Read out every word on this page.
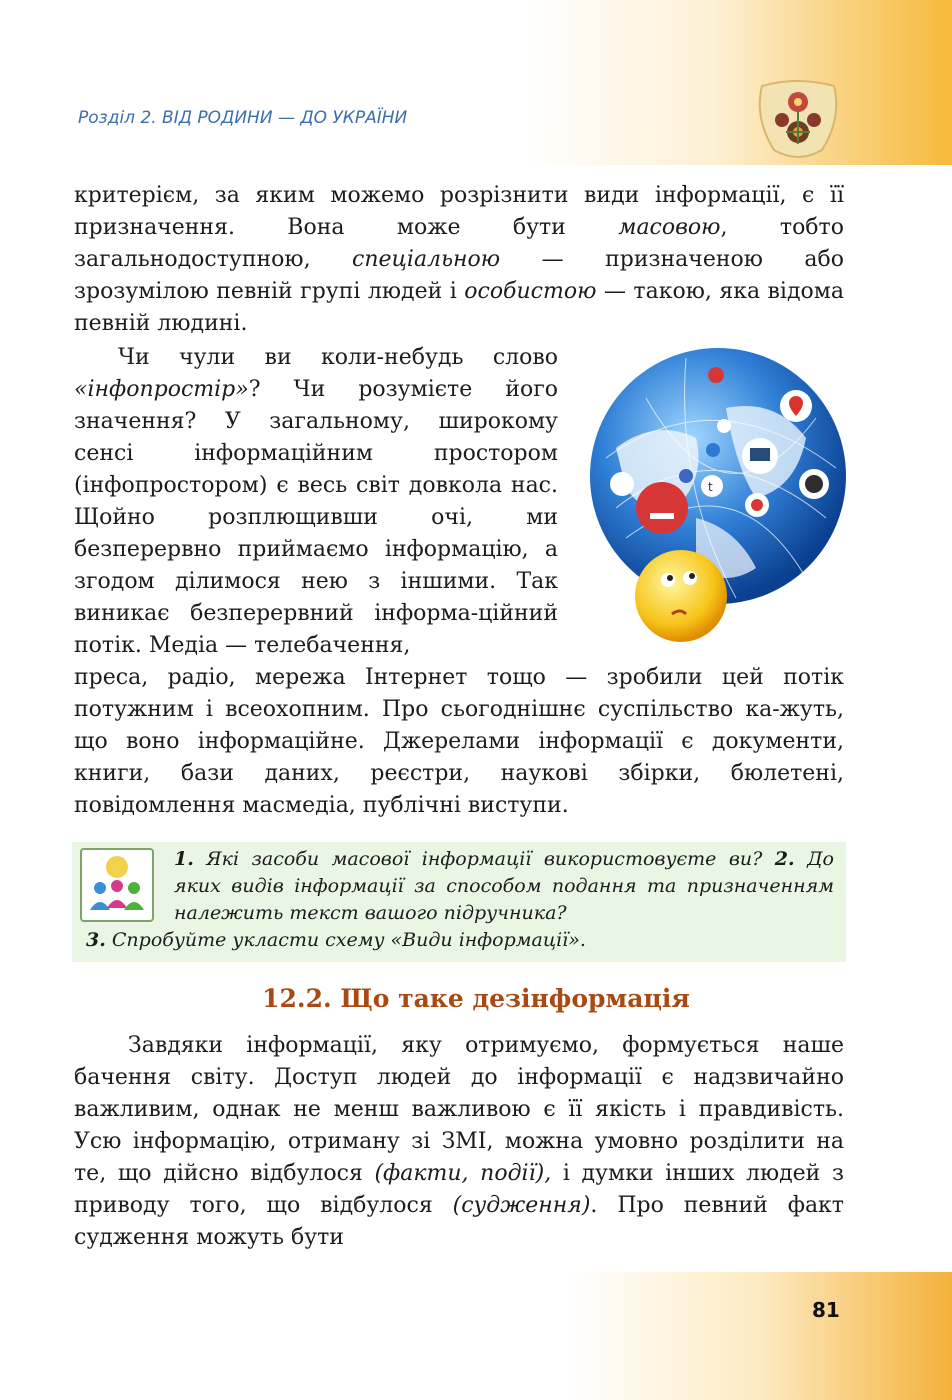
Розділ 2. ВІД РОДИНИ — ДО УКРАЇНИ

критерієм, за яким можемо розрізнити види інформації, є її призначення. Вона може бути масовою, тобто загальнодоступною, спеціальною — призначеною або зрозумілою певній групі людей і особистою — такою, яка відома певній людині.

Чи чули ви коли-небудь слово «інфопростір»? Чи розумієте його значення? У загальному, широкому сенсі інформаційним простором (інфопростором) є весь світ довкола нас. Щойно розплющивши очі, ми безперервно приймаємо інформацію, а згодом ділимося нею з іншими. Так виникає безперервний інформа-ційний потік. Медіа — телебачення,

t

преса, радіо, мережа Інтернет тощо — зробили цей потік потужним і всеохопним. Про сьогоднішнє суспільство ка-жуть, що воно інформаційне. Джерелами інформації є документи, книги, бази даних, реєстри, наукові збірки, бюлетені, повідомлення масмедіа, публічні виступи.

1. Які засоби масової інформації використовуєте ви? 2. До яких видів інформації за способом подання та призначенням належить текст вашого підручника?

3. Спробуйте укласти схему «Види інформації».

12.2. Що таке дезінформація

Завдяки інформації, яку отримуємо, формується наше бачення світу. Доступ людей до інформації є надзвичайно важливим, однак не менш важливою є її якість і правдивість. Усю інформацію, отриману зі ЗМІ, можна умовно розділити на те, що дійсно відбулося (факти, події), і думки інших людей з приводу того, що відбулося (судження). Про певний факт судження можуть бути

81
